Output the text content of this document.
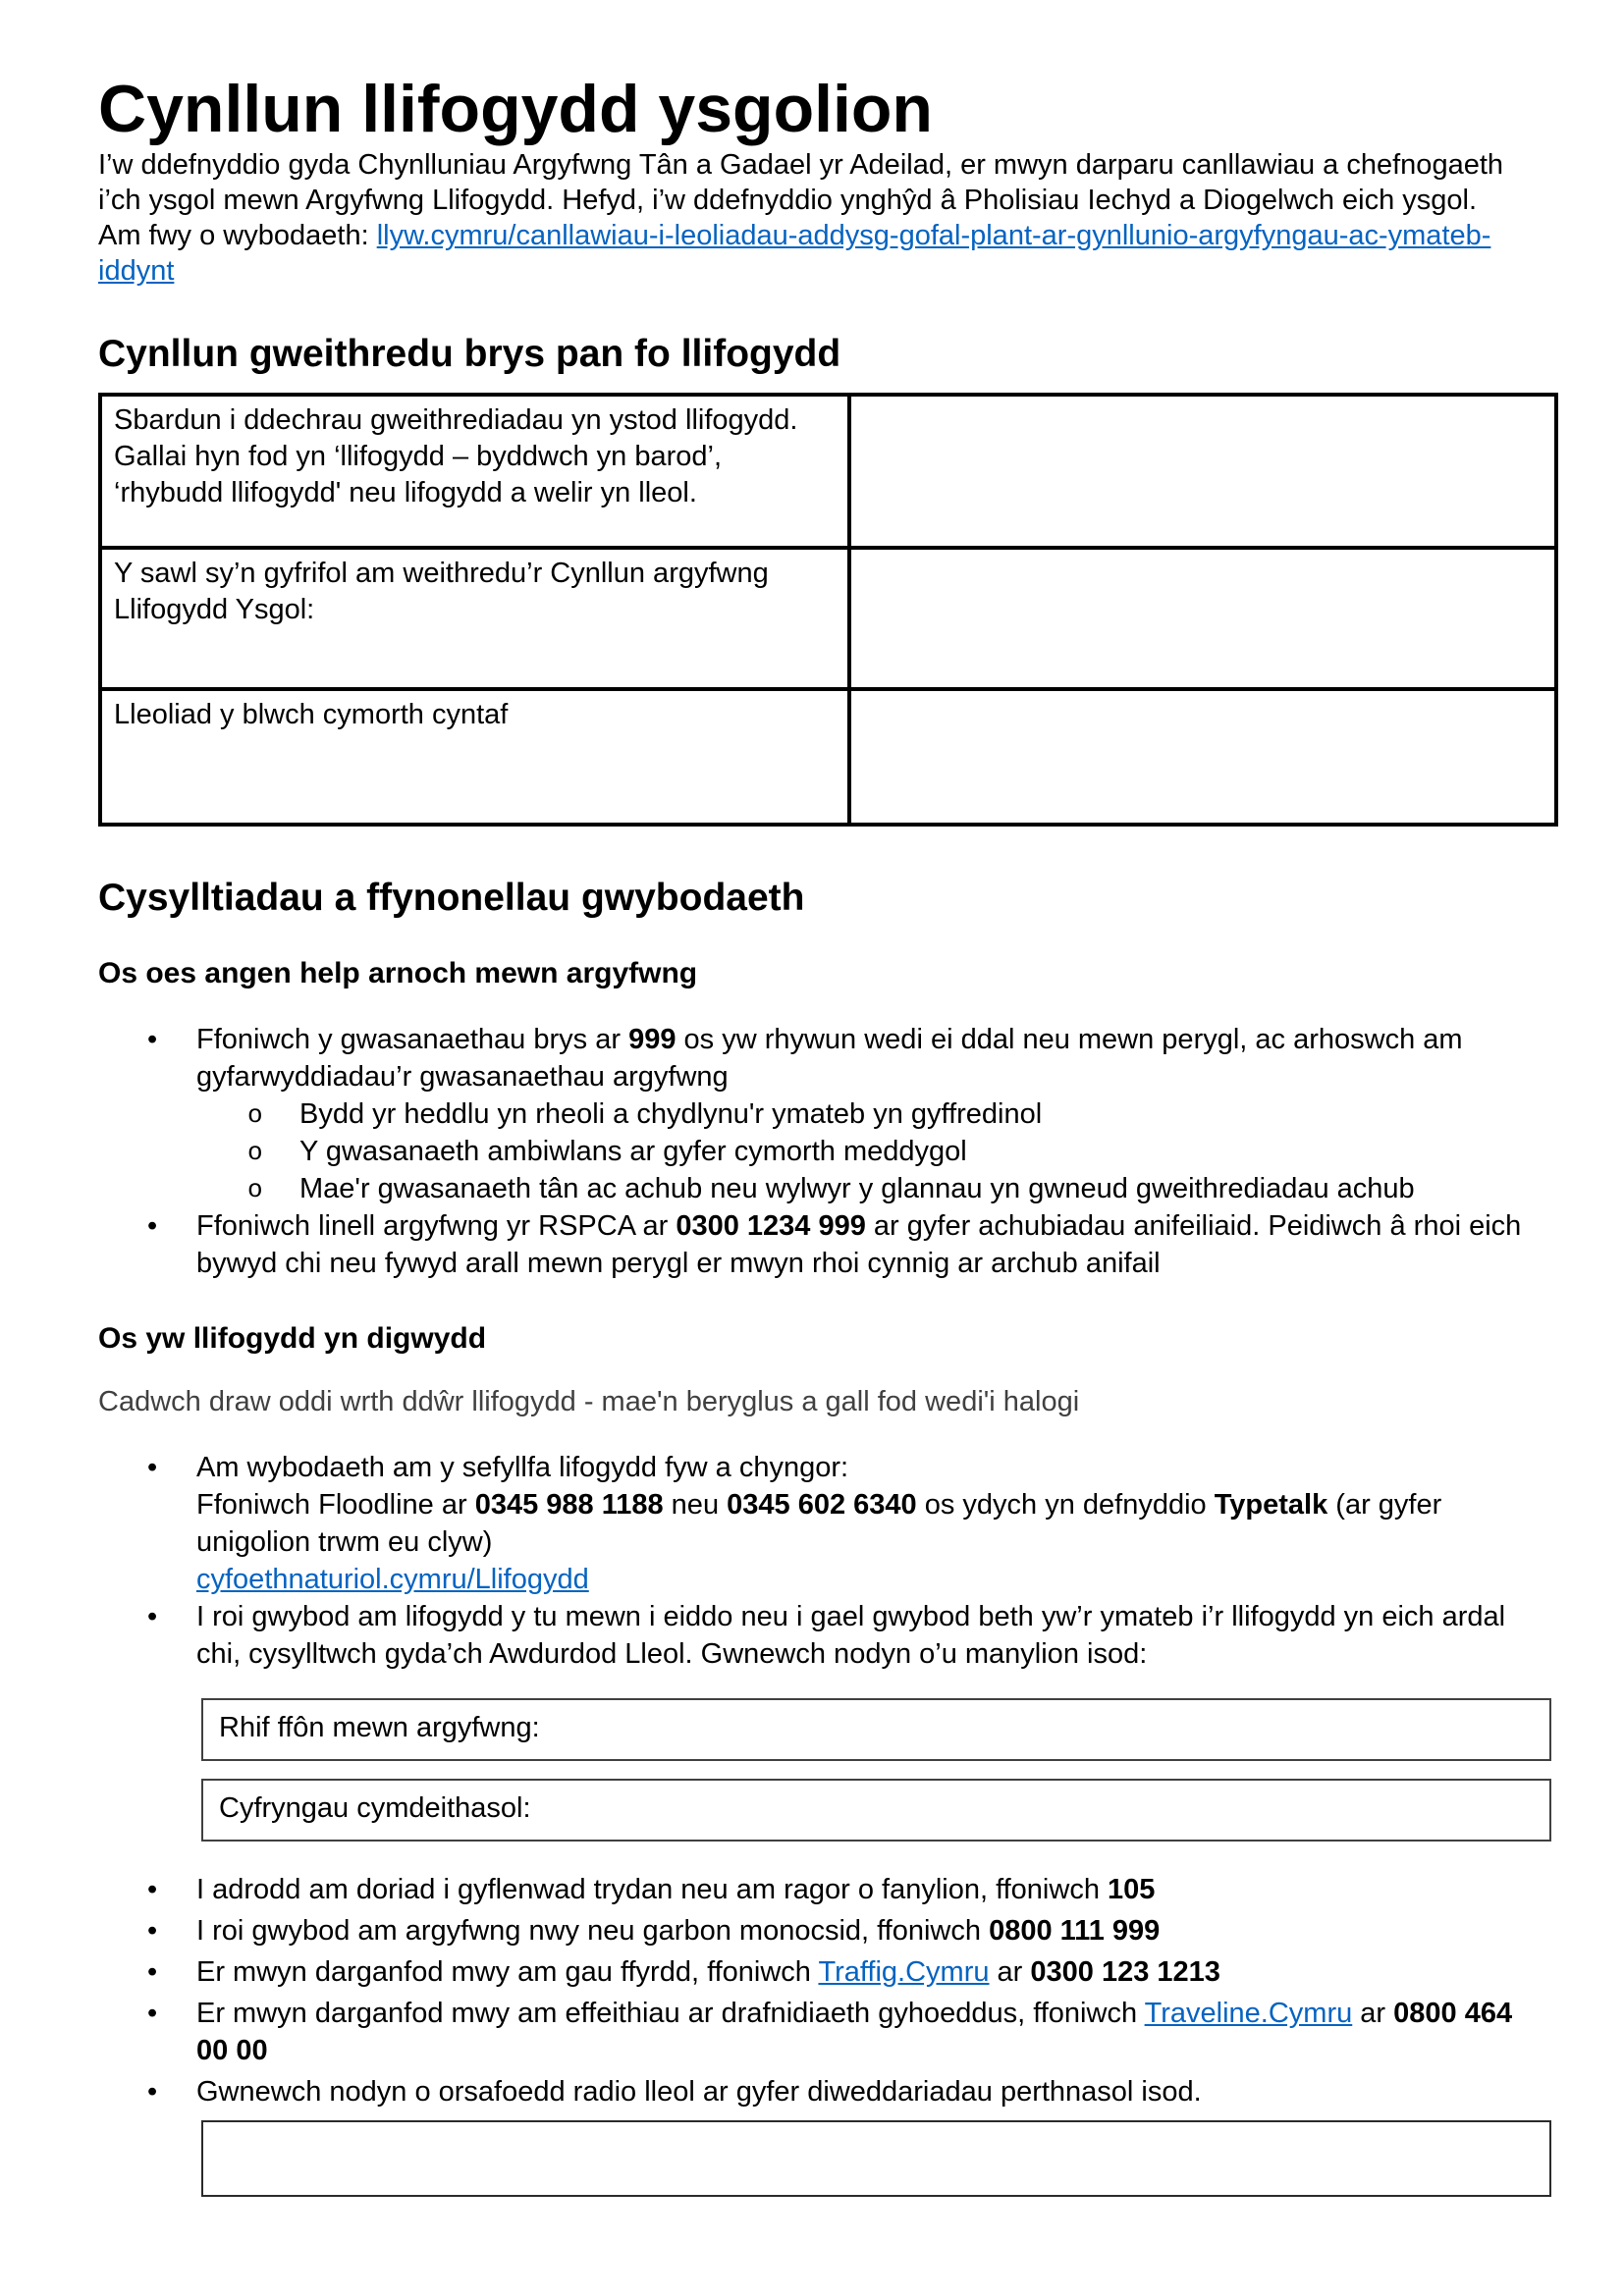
Cynllun llifogydd ysgolion

I’w ddefnyddio gyda Chynlluniau Argyfwng Tân a Gadael yr Adeilad, er mwyn darparu canllawiau a chefnogaeth i’ch ysgol mewn Argyfwng Llifogydd. Hefyd, i’w ddefnyddio ynghŷd â Pholisiau Iechyd a Diogelwch eich ysgol.

Am fwy o wybodaeth: llyw.cymru/canllawiau-i-leoliadau-addysg-gofal-plant-ar-gynllunio-argyfyngau-ac-ymateb-iddynt

Cynllun gweithredu brys pan fo llifogydd
Sbardun i ddechrau gweithrediadau yn ystod llifogydd. Gallai hyn fod yn ‘llifogydd – byddwch yn barod’, ‘rhybudd llifogydd' neu lifogydd a welir yn lleol.	
Y sawl sy’n gyfrifol am weithredu’r Cynllun argyfwng Llifogydd Ysgol:	
Lleoliad y blwch cymorth cyntaf	
Cysylltiadau a ffynonellau gwybodaeth
Os oes angen help arnoch mewn argyfwng
• Ffoniwch y gwasanaethau brys ar 999 os yw rhywun wedi ei ddal neu mewn perygl, ac arhoswch am gyfarwyddiadau’r gwasanaethau argyfwng
o Bydd yr heddlu yn rheoli a chydlynu'r ymateb yn gyffredinol
o Y gwasanaeth ambiwlans ar gyfer cymorth meddygol
o Mae'r gwasanaeth tân ac achub neu wylwyr y glannau yn gwneud gweithrediadau achub
• Ffoniwch linell argyfwng yr RSPCA ar 0300 1234 999 ar gyfer achubiadau anifeiliaid. Peidiwch â rhoi eich bywyd chi neu fywyd arall mewn perygl er mwyn rhoi cynnig ar archub anifail
Os yw llifogydd yn digwydd

Cadwch draw oddi wrth ddŵr llifogydd - mae'n beryglus a gall fod wedi'i halogi

• Am wybodaeth am y sefyllfa lifogydd fyw a chyngor:
Ffoniwch Floodline ar 0345 988 1188 neu 0345 602 6340 os ydych yn defnyddio Typetalk (ar gyfer unigolion trwm eu clyw)
cyfoethnaturiol.cymru/Llifogydd
• I roi gwybod am lifogydd y tu mewn i eiddo neu i gael gwybod beth yw’r ymateb i’r llifogydd yn eich ardal chi, cysylltwch gyda’ch Awdurdod Lleol. Gwnewch nodyn o’u manylion isod:
Rhif ffôn mewn argyfwng:
Cyfryngau cymdeithasol:
• I adrodd am doriad i gyflenwad trydan neu am ragor o fanylion, ffoniwch 105
• I roi gwybod am argyfwng nwy neu garbon monocsid, ffoniwch 0800 111 999
• Er mwyn darganfod mwy am gau ffyrdd, ffoniwch Traffig.Cymru ar 0300 123 1213
• Er mwyn darganfod mwy am effeithiau ar drafnidiaeth gyhoeddus, ffoniwch Traveline.Cymru ar 0800 464 00 00
• Gwnewch nodyn o orsafoedd radio lleol ar gyfer diweddariadau perthnasol isod.
